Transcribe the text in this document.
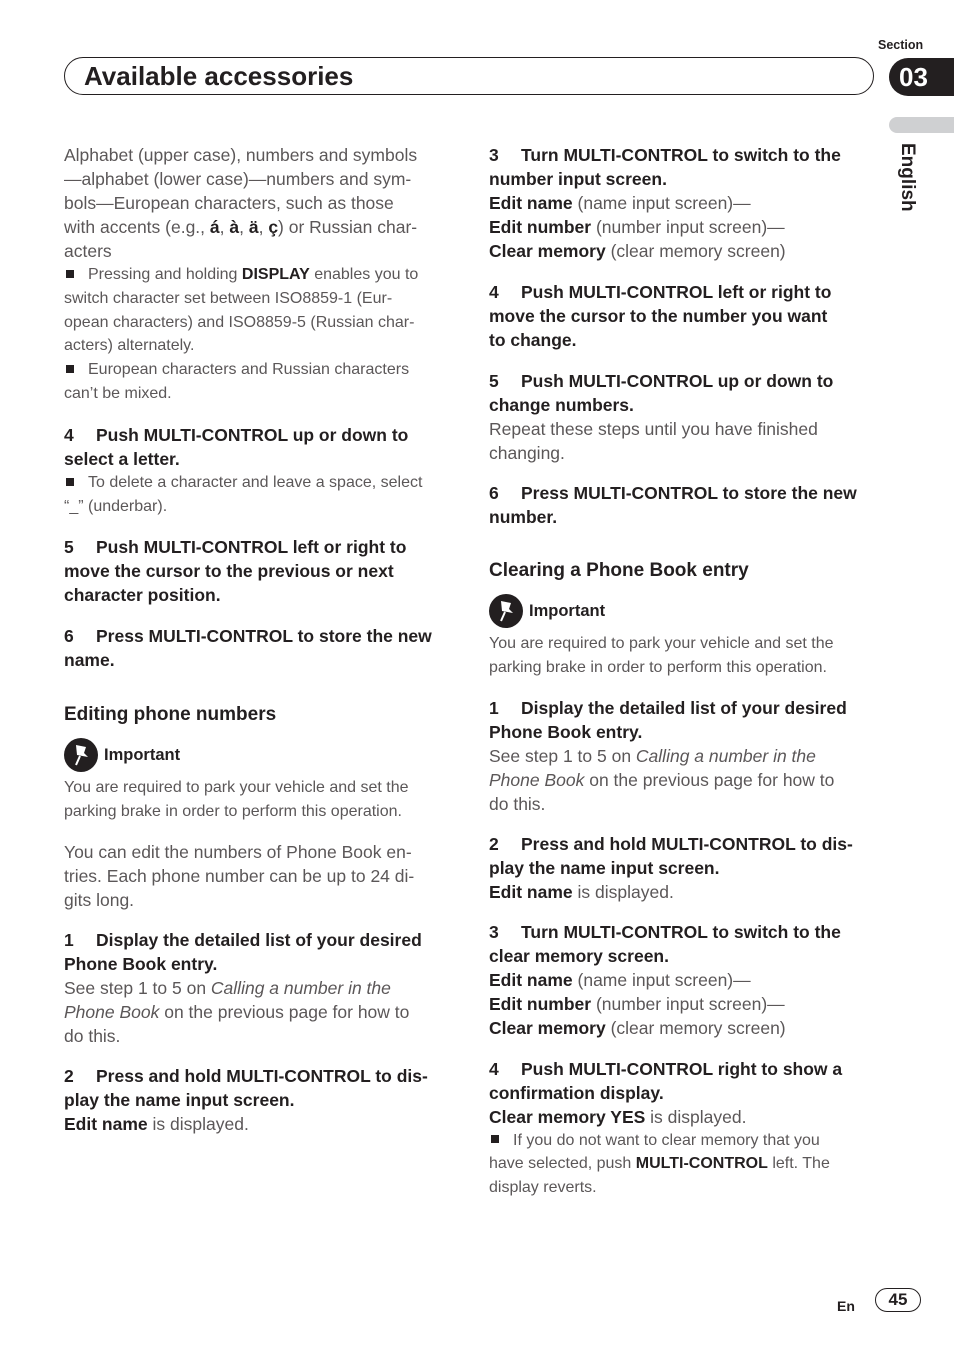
Section
03
Available accessories
English

Alphabet (upper case), numbers and symbols

—alphabet (lower case)—numbers and sym-

bols—European characters, such as those

with accents (e.g., á, à, ä, ç) or Russian char-

acters

Pressing and holding DISPLAY enables you to

switch character set between ISO8859-1 (Eur-

opean characters) and ISO8859-5 (Russian char-

acters) alternately.

European characters and Russian characters

can’t be mixed.

4 Push MULTI-CONTROL up or down to

select a letter.

To delete a character and leave a space, select

“_” (underbar).

5 Push MULTI-CONTROL left or right to

move the cursor to the previous or next

character position.

6 Press MULTI-CONTROL to store the new

name.

Editing phone numbers
Important

You are required to park your vehicle and set the

parking brake in order to perform this operation.

You can edit the numbers of Phone Book en-

tries. Each phone number can be up to 24 di-

gits long.

1 Display the detailed list of your desired

Phone Book entry.

See step 1 to 5 on Calling a number in the

Phone Book on the previous page for how to

do this.

2 Press and hold MULTI-CONTROL to dis-

play the name input screen.

Edit name is displayed.

3 Turn MULTI-CONTROL to switch to the

number input screen.

Edit name (name input screen)—

Edit number (number input screen)—

Clear memory (clear memory screen)

4 Push MULTI-CONTROL left or right to

move the cursor to the number you want

to change.

5 Push MULTI-CONTROL up or down to

change numbers.

Repeat these steps until you have finished

changing.

6 Press MULTI-CONTROL to store the new

number.

Clearing a Phone Book entry
Important

You are required to park your vehicle and set the

parking brake in order to perform this operation.

1 Display the detailed list of your desired

Phone Book entry.

See step 1 to 5 on Calling a number in the

Phone Book on the previous page for how to

do this.

2 Press and hold MULTI-CONTROL to dis-

play the name input screen.

Edit name is displayed.

3 Turn MULTI-CONTROL to switch to the

clear memory screen.

Edit name (name input screen)—

Edit number (number input screen)—

Clear memory (clear memory screen)

4 Push MULTI-CONTROL right to show a

confirmation display.

Clear memory YES is displayed.

If you do not want to clear memory that you

have selected, push MULTI-CONTROL left. The

display reverts.

En	45
